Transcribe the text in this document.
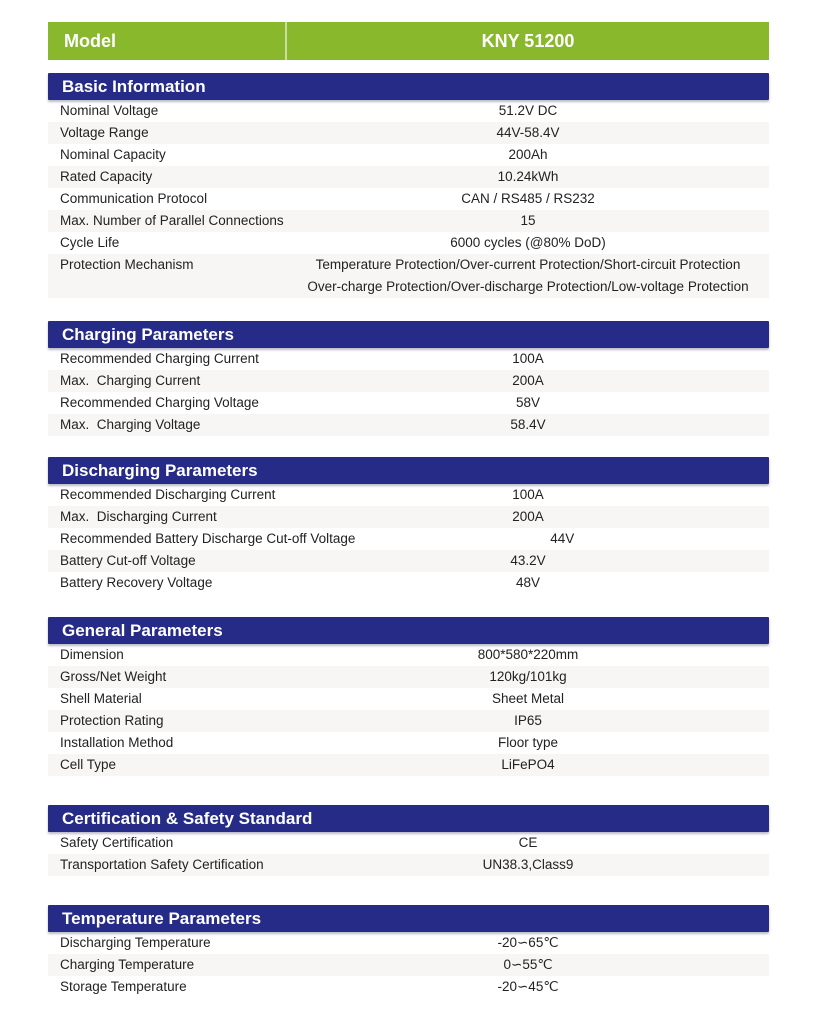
Model	KNY 51200
Basic Information
Nominal Voltage	51.2V DC
Voltage Range	44V-58.4V
Nominal Capacity	200Ah
Rated Capacity	10.24kWh
Communication Protocol	CAN / RS485 / RS232
Max. Number of Parallel Connections	15
Cycle Life	6000 cycles (@80% DoD)
Protection Mechanism	Temperature Protection/Over-current Protection/Short-circuit Protection
Over-charge Protection/Over-discharge Protection/Low-voltage Protection
Charging Parameters
Recommended Charging Current	100A
Max.  Charging Current	200A
Recommended Charging Voltage	58V
Max.  Charging Voltage	58.4V
Discharging Parameters
Recommended Discharging Current	100A
Max.  Discharging Current	200A
Recommended Battery Discharge Cut-off Voltage	44V
Battery Cut-off Voltage	43.2V
Battery Recovery Voltage	48V
General Parameters
Dimension	800*580*220mm
Gross/Net Weight	120kg/101kg
Shell Material	Sheet Metal
Protection Rating	IP65
Installation Method	Floor type
Cell Type	LiFePO4
Certification & Safety Standard
Safety Certification	CE
Transportation Safety Certification	UN38.3,Class9
Temperature Parameters
Discharging Temperature	-20∽65℃
Charging Temperature	0∽55℃
Storage Temperature	-20∽45℃
